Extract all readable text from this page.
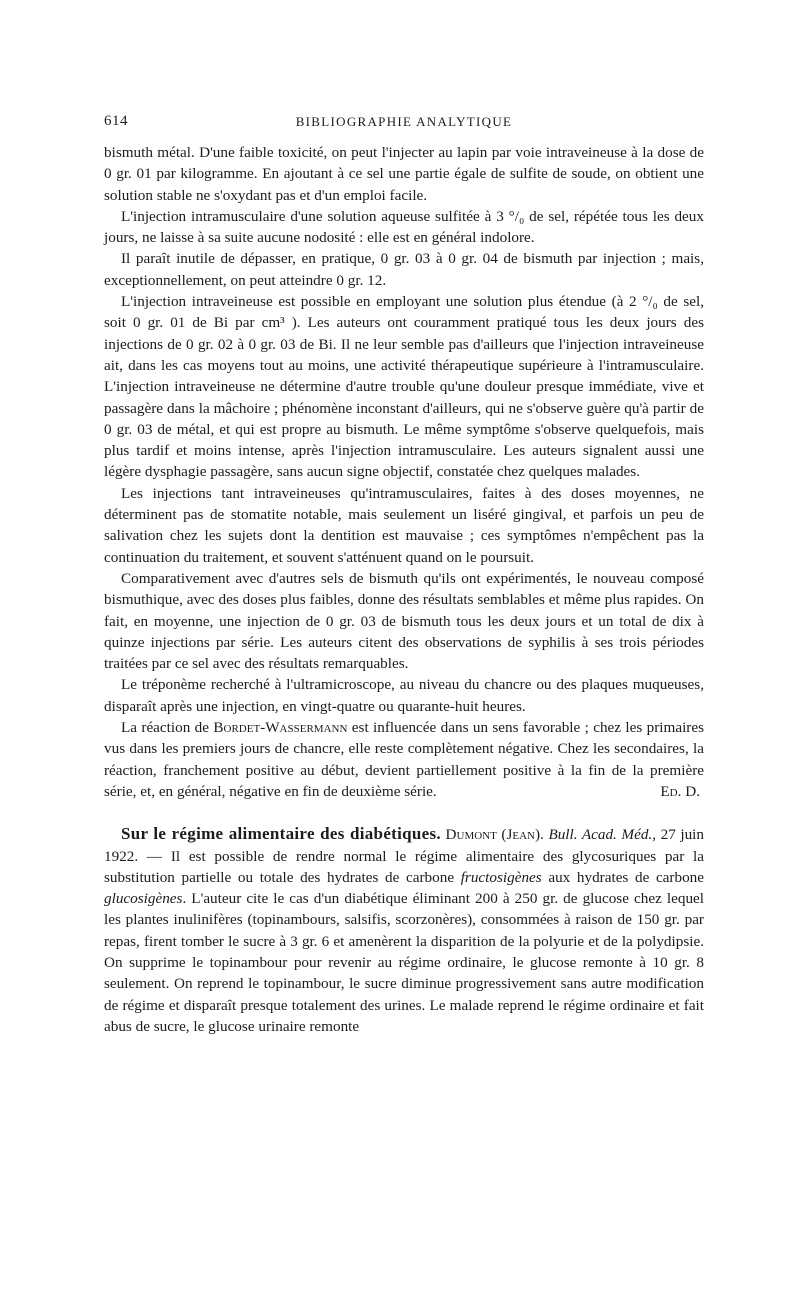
614	BIBLIOGRAPHIE ANALYTIQUE

bismuth métal. D'une faible toxicité, on peut l'injecter au lapin par voie intraveineuse à la dose de 0 gr. 01 par kilogramme. En ajoutant à ce sel une partie égale de sulfite de soude, on obtient une solution stable ne s'oxydant pas et d'un emploi facile.

L'injection intramusculaire d'une solution aqueuse sulfitée à 3 °/₀ de sel, répétée tous les deux jours, ne laisse à sa suite aucune nodosité : elle est en général indolore.

Il paraît inutile de dépasser, en pratique, 0 gr. 03 à 0 gr. 04 de bismuth par injection ; mais, exceptionnellement, on peut atteindre 0 gr. 12.

L'injection intraveineuse est possible en employant une solution plus étendue (à 2 °/₀ de sel, soit 0 gr. 01 de Bi par cm³ ). Les auteurs ont couramment pratiqué tous les deux jours des injections de 0 gr. 02 à 0 gr. 03 de Bi. Il ne leur semble pas d'ailleurs que l'injection intraveineuse ait, dans les cas moyens tout au moins, une activité thérapeutique supérieure à l'intramusculaire. L'injection intraveineuse ne détermine d'autre trouble qu'une douleur presque immédiate, vive et passagère dans la mâchoire ; phénomène inconstant d'ailleurs, qui ne s'observe guère qu'à partir de 0 gr. 03 de métal, et qui est propre au bismuth. Le même symptôme s'observe quelquefois, mais plus tardif et moins intense, après l'injection intramusculaire. Les auteurs signalent aussi une légère dysphagie passagère, sans aucun signe objectif, constatée chez quelques malades.

Les injections tant intraveineuses qu'intramusculaires, faites à des doses moyennes, ne déterminent pas de stomatite notable, mais seulement un liséré gingival, et parfois un peu de salivation chez les sujets dont la dentition est mauvaise ; ces symptômes n'empêchent pas la continuation du traitement, et souvent s'atténuent quand on le poursuit.

Comparativement avec d'autres sels de bismuth qu'ils ont expérimentés, le nouveau composé bismuthique, avec des doses plus faibles, donne des résultats semblables et même plus rapides. On fait, en moyenne, une injection de 0 gr. 03 de bismuth tous les deux jours et un total de dix à quinze injections par série. Les auteurs citent des observations de syphilis à ses trois périodes traitées par ce sel avec des résultats remarquables.

Le tréponème recherché à l'ultramicroscope, au niveau du chancre ou des plaques muqueuses, disparaît après une injection, en vingt-quatre ou quarante-huit heures.

La réaction de Bordet-Wassermann est influencée dans un sens favorable ; chez les primaires vus dans les premiers jours de chancre, elle reste complètement négative. Chez les secondaires, la réaction, franchement positive au début, devient partiellement positive à la fin de la première série, et, en général, négative en fin de deuxième série.	Ed. D.

Sur le régime alimentaire des diabétiques. Dumont (Jean). Bull. Acad. Méd., 27 juin 1922. — Il est possible de rendre normal le régime alimentaire des glycosuriques par la substitution partielle ou totale des hydrates de carbone fructosigènes aux hydrates de carbone glucosigènes. L'auteur cite le cas d'un diabétique éliminant 200 à 250 gr. de glucose chez lequel les plantes inulinifères (topinambours, salsifis, scorzonères), consommées à raison de 150 gr. par repas, firent tomber le sucre à 3 gr. 6 et amenèrent la disparition de la polyurie et de la polydipsie. On supprime le topinambour pour revenir au régime ordinaire, le glucose remonte à 10 gr. 8 seulement. On reprend le topinambour, le sucre diminue progressivement sans autre modification de régime et disparaît presque totalement des urines. Le malade reprend le régime ordinaire et fait abus de sucre, le glucose urinaire remonte
